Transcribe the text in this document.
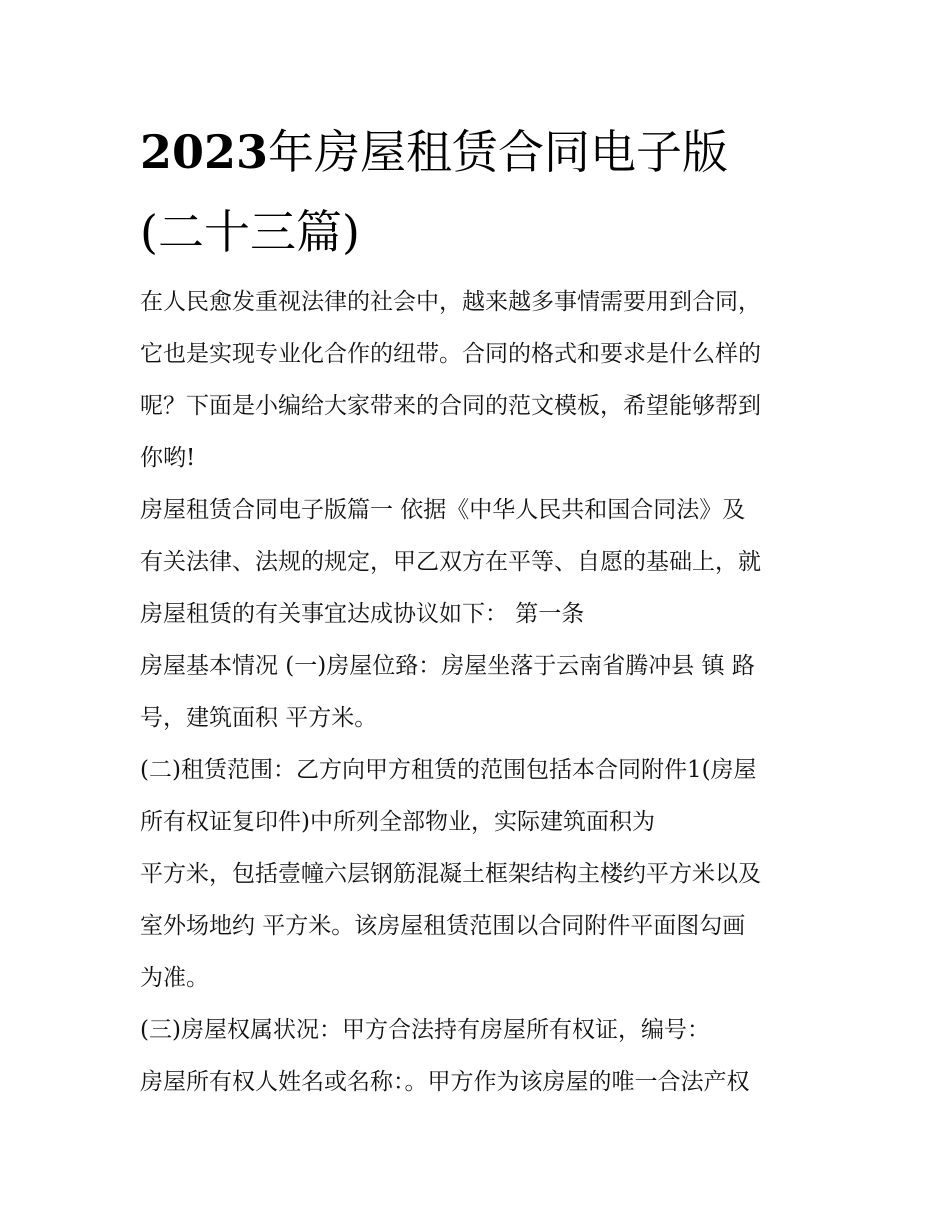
2023年房屋租赁合同电子版
(二十三篇)

在人民愈发重视法律的社会中，越来越多事情需要用到合同，

它也是实现专业化合作的纽带。合同的格式和要求是什么样的

呢？下面是小编给大家带来的合同的范文模板，希望能够帮到

你哟!

房屋租赁合同电子版篇一 依据《中华人民共和国合同法》及

有关法律、法规的规定，甲乙双方在平等、自愿的基础上，就

房屋租赁的有关事宜达成协议如下： 第一条

房屋基本情况 (一)房屋位臵：房屋坐落于云南省腾冲县 镇 路

号，建筑面积 平方米。

(二)租赁范围：乙方向甲方租赁的范围包括本合同附件1(房屋

所有权证复印件)中所列全部物业，实际建筑面积为

平方米，包括壹幢六层钢筋混凝土框架结构主楼约平方米以及

室外场地约 平方米。该房屋租赁范围以合同附件平面图勾画

为准。

(三)房屋权属状况：甲方合法持有房屋所有权证，编号：

房屋所有权人姓名或名称：。甲方作为该房屋的唯一合法产权
